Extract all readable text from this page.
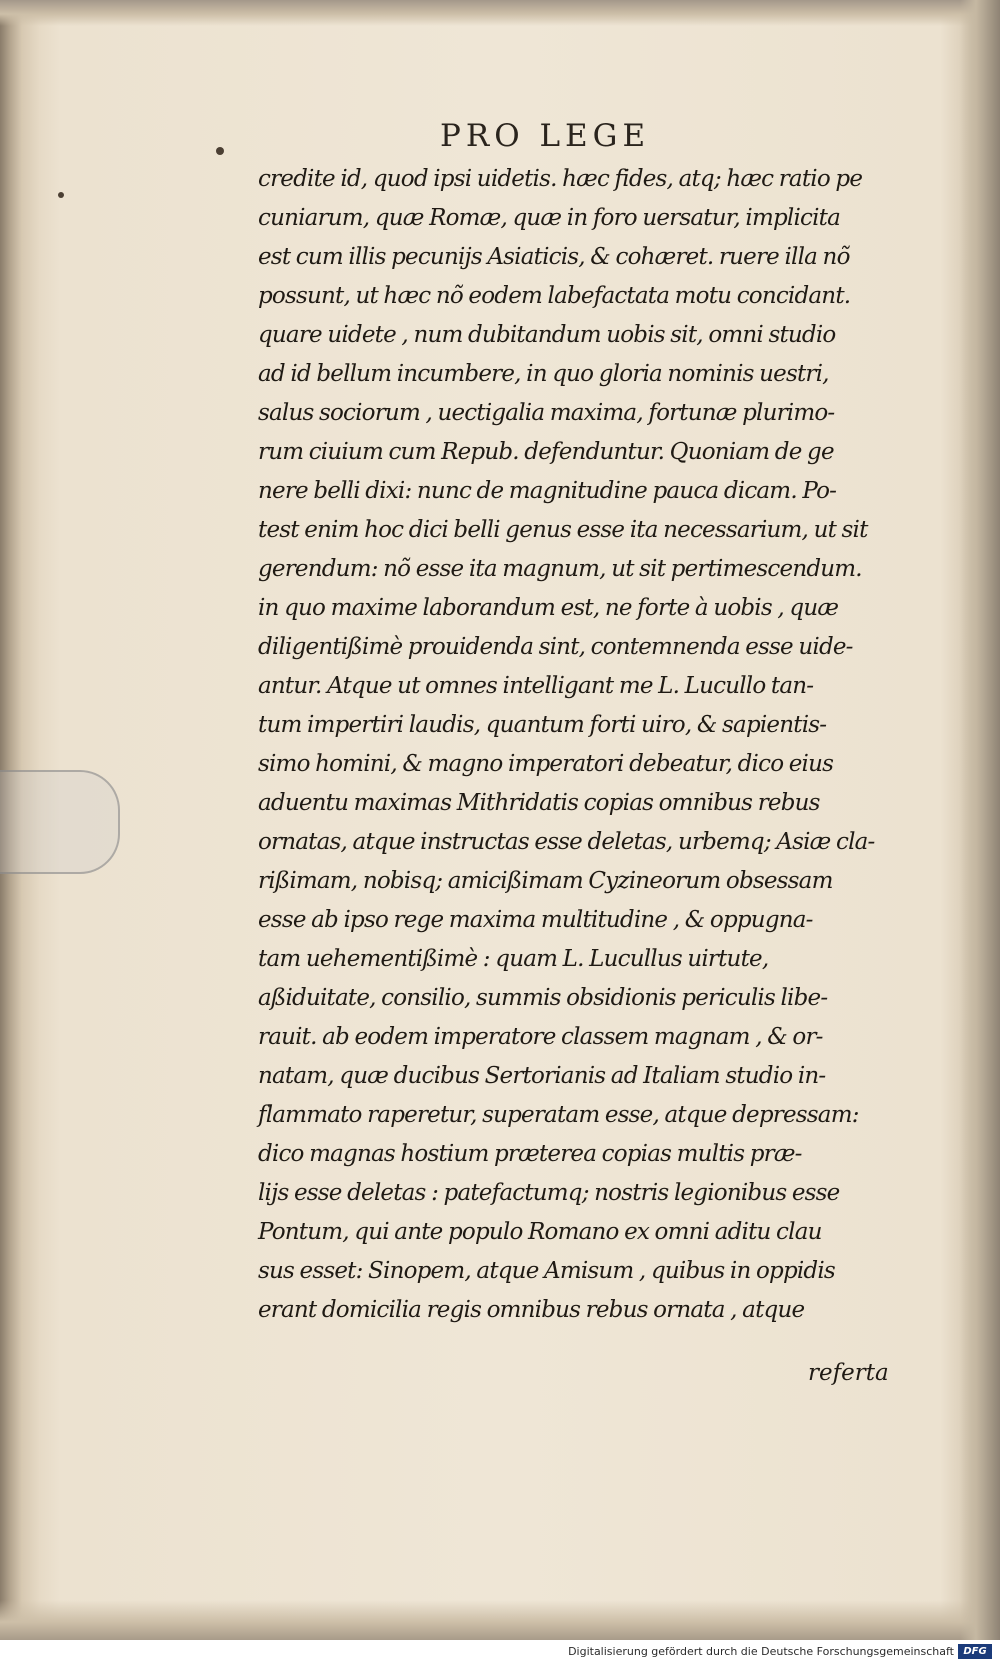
PRO LEGE
credite id, quod ipsi uidetis. hæc fides, atq; hæc ratio pe
cuniarum, quæ Romæ, quæ in foro uersatur, implicita
est cum illis pecunijs Asiaticis, & cohæret. ruere illa nõ
possunt, ut hæc nõ eodem labefactata motu concidant.
quare uidete , num dubitandum uobis sit, omni studio
ad id bellum incumbere, in quo gloria nominis uestri,
salus sociorum , uectigalia maxima, fortunæ plurimo-
rum ciuium cum Repub. defenduntur. Quoniam de ge
nere belli dixi: nunc de magnitudine pauca dicam. Po-
test enim hoc dici belli genus esse ita necessarium, ut sit
gerendum: nõ esse ita magnum, ut sit pertimescendum.
in quo maxime laborandum est, ne forte à uobis , quæ
diligentißimè prouidenda sint, contemnenda esse uide-
antur. Atque ut omnes intelligant me L. Lucullo tan-
tum impertiri laudis, quantum forti uiro, & sapientis-
simo homini, & magno imperatori debeatur, dico eius
aduentu maximas Mithridatis copias omnibus rebus
ornatas, atque instructas esse deletas, urbemq; Asiæ cla-
rißimam, nobisq; amicißimam Cyzineorum obsessam
esse ab ipso rege maxima multitudine , & oppugna-
tam uehementißimè : quam L. Lucullus uirtute,
aßiduitate, consilio, summis obsidionis periculis libe-
rauit. ab eodem imperatore classem magnam , & or-
natam, quæ ducibus Sertorianis ad Italiam studio in-
flammato raperetur, superatam esse, atque depressam:
dico magnas hostium præterea copias multis præ-
lijs esse deletas : patefactumq; nostris legionibus esse
Pontum, qui ante populo Romano ex omni aditu clau
sus esset: Sinopem, atque Amisum , quibus in oppidis
erant domicilia regis omnibus rebus ornata , atque
referta
Digitalisierung gefördert durch die Deutsche Forschungsgemeinschaft DFG
